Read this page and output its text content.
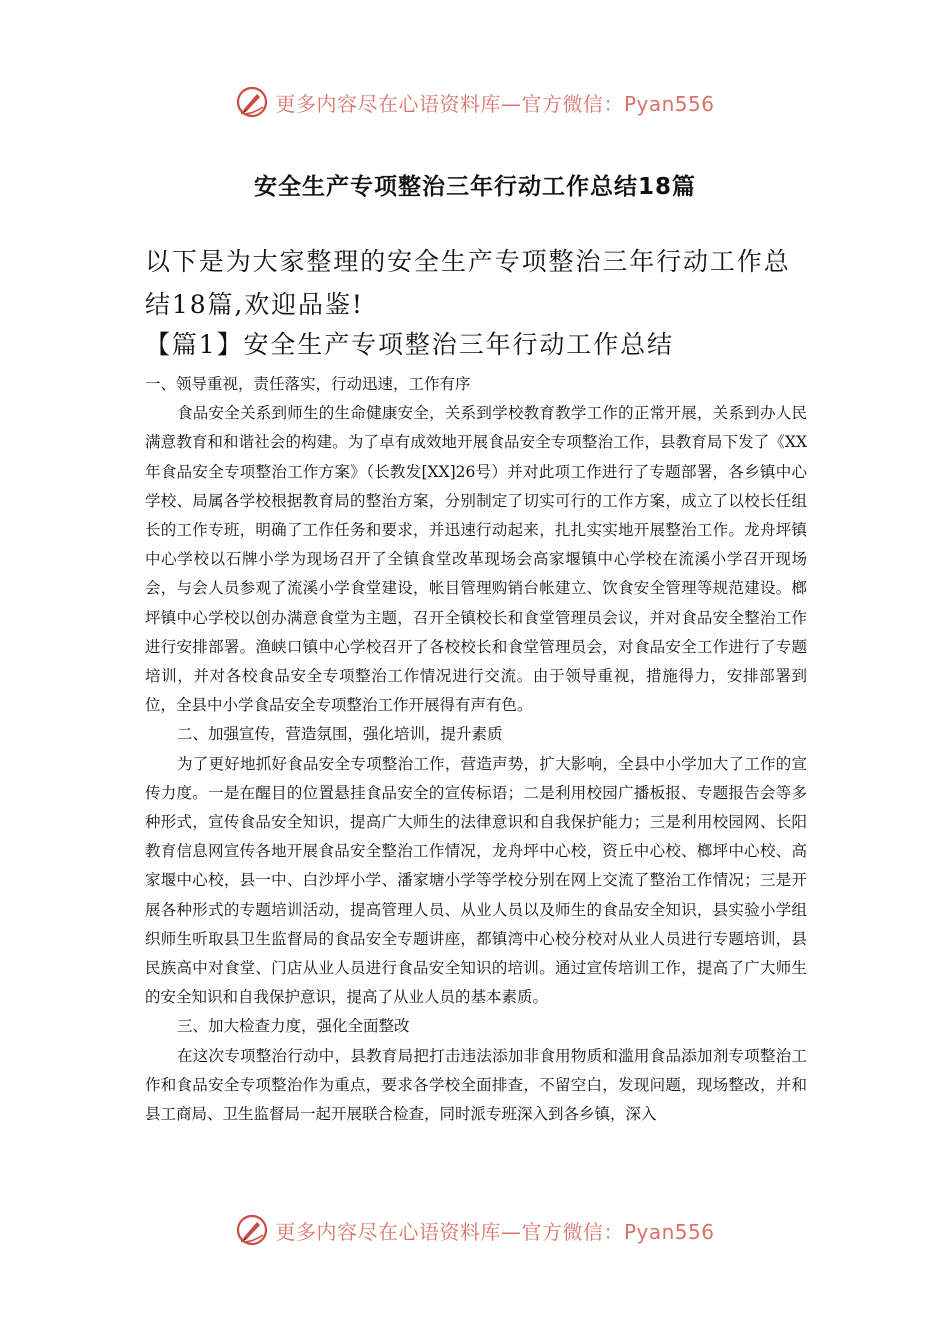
更多内容尽在心语资料库—官方微信：Pyan556
安全生产专项整治三年行动工作总结18篇
以下是为大家整理的安全生产专项整治三年行动工作总结18篇,欢迎品鉴!
【篇1】安全生产专项整治三年行动工作总结

一、领导重视，责任落实，行动迅速，工作有序

食品安全关系到师生的生命健康安全，关系到学校教育教学工作的正常开展，关系到办人民满意教育和和谐社会的构建。为了卓有成效地开展食品安全专项整治工作，县教育局下发了《XX年食品安全专项整治工作方案》（长教发[XX]26号）并对此项工作进行了专题部署，各乡镇中心学校、局属各学校根据教育局的整治方案，分别制定了切实可行的工作方案，成立了以校长任组长的工作专班，明确了工作任务和要求，并迅速行动起来，扎扎实实地开展整治工作。龙舟坪镇中心学校以石牌小学为现场召开了全镇食堂改革现场会高家堰镇中心学校在流溪小学召开现场会，与会人员参观了流溪小学食堂建设，帐目管理购销台帐建立、饮食安全管理等规范建设。榔坪镇中心学校以创办满意食堂为主题，召开全镇校长和食堂管理员会议，并对食品安全整治工作进行安排部署。渔峡口镇中心学校召开了各校校长和食堂管理员会，对食品安全工作进行了专题培训，并对各校食品安全专项整治工作情况进行交流。由于领导重视，措施得力，安排部署到位，全县中小学食品安全专项整治工作开展得有声有色。

二、加强宣传，营造氛围，强化培训，提升素质

为了更好地抓好食品安全专项整治工作，营造声势，扩大影响，全县中小学加大了工作的宣传力度。一是在醒目的位置悬挂食品安全的宣传标语；二是利用校园广播板报、专题报告会等多种形式，宣传食品安全知识，提高广大师生的法律意识和自我保护能力；三是利用校园网、长阳教育信息网宣传各地开展食品安全整治工作情况，龙舟坪中心校，资丘中心校、榔坪中心校、高家堰中心校，县一中、白沙坪小学、潘家塘小学等学校分别在网上交流了整治工作情况；三是开展各种形式的专题培训活动，提高管理人员、从业人员以及师生的食品安全知识，县实验小学组织师生听取县卫生监督局的食品安全专题讲座，都镇湾中心校分校对从业人员进行专题培训，县民族高中对食堂、门店从业人员进行食品安全知识的培训。通过宣传培训工作，提高了广大师生的安全知识和自我保护意识，提高了从业人员的基本素质。

三、加大检查力度，强化全面整改

在这次专项整治行动中，县教育局把打击违法添加非食用物质和滥用食品添加剂专项整治工作和食品安全专项整治作为重点，要求各学校全面排查，不留空白，发现问题，现场整改，并和县工商局、卫生监督局一起开展联合检查，同时派专班深入到各乡镇，深入

更多内容尽在心语资料库—官方微信：Pyan556
